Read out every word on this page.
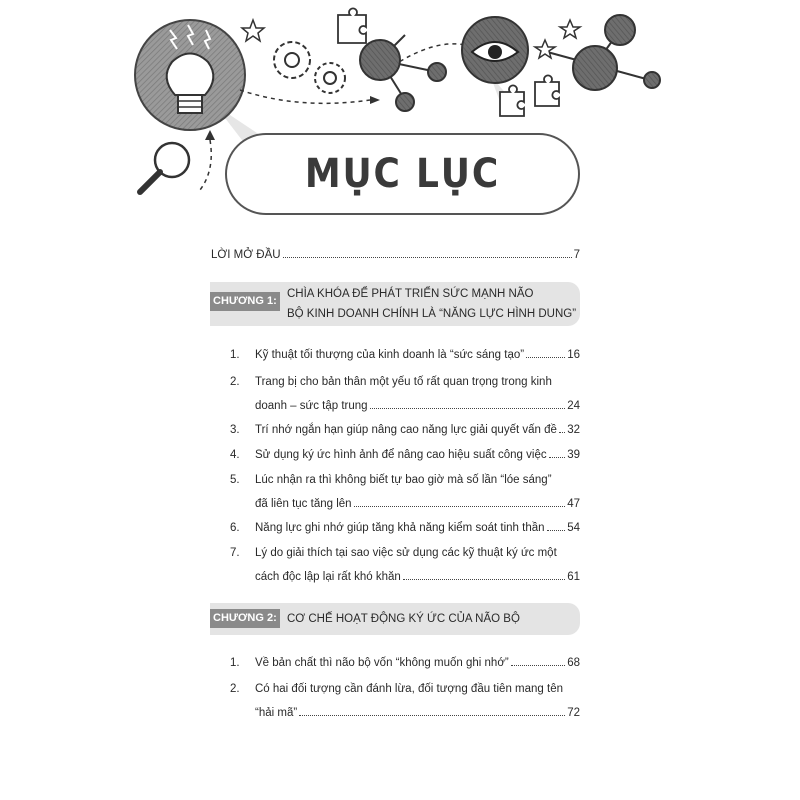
MỤC LỤC
LỜI MỞ ĐẦU	7
CHƯƠNG 1:
CHÌA KHÓA ĐỂ PHÁT TRIỂN SỨC MẠNH NÃO
BỘ KINH DOANH CHÍNH LÀ “NĂNG LỰC HÌNH DUNG”
1.	Kỹ thuật tối thượng của kinh doanh là “sức sáng tạo”	16
2.	Trang bị cho bản thân một yếu tố rất quan trọng trong kinh
doanh – sức tập trung	24
3.	Trí nhớ ngắn hạn giúp nâng cao năng lực giải quyết vấn đề 32
4.	Sử dụng ký ức hình ảnh để nâng cao hiệu suất công việc 39
5.	Lúc nhận ra thì không biết tự bao giờ mà số lần “lóe sáng”
đã liên tục tăng lên	47
6.	Năng lực ghi nhớ giúp tăng khả năng kiểm soát tinh thần 54
7.	Lý do giải thích tại sao việc sử dụng các kỹ thuật ký ức một
cách độc lập lại rất khó khăn	61
CHƯƠNG 2: CƠ CHẾ HOẠT ĐỘNG KÝ ỨC CỦA NÃO BỘ
1.	Về bản chất thì não bộ vốn “không muốn ghi nhớ”	68
2.	Có hai đối tượng cần đánh lừa, đối tượng đầu tiên mang tên
“hải mã”	72
